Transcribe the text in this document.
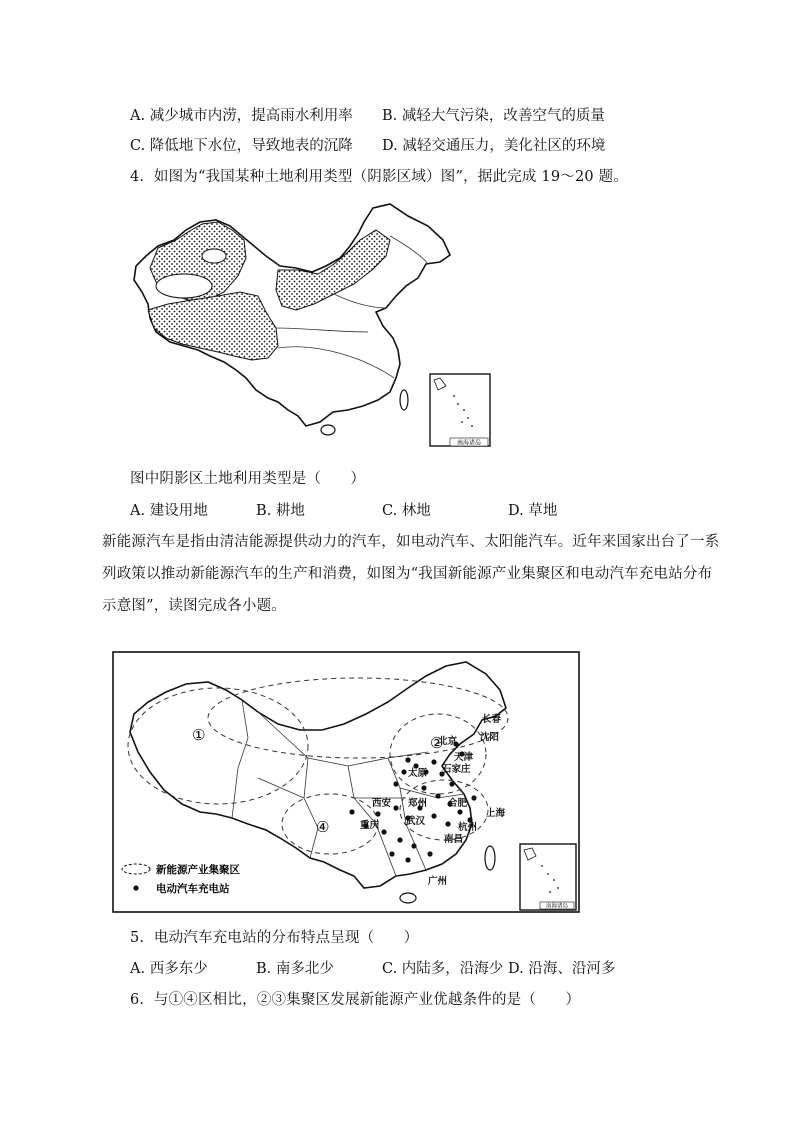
A. 减少城市内涝，提高雨水利用率 B. 减轻大气污染，改善空气的质量
C. 降低地下水位，导致地表的沉降 D. 减轻交通压力，美化社区的环境
4. 如图为“我国某种土地利用类型（阴影区域）图”，据此完成 19～20 题。
南海诸岛
图中阴影区土地利用类型是（　　）
A. 建设用地	B. 耕地	C. 林地	D. 草地
新能源汽车是指由清洁能源提供动力的汽车，如电动汽车、太阳能汽车。近年来国家出台了一系
列政策以推动新能源汽车的生产和消费，如图为“我国新能源产业集聚区和电动汽车充电站分布
示意图”，读图完成各小题。
①	②
④
长春
沈阳
北京
天津
太原 石家庄
西安 郑州 合肥
上海
重庆	武汉
杭州
南昌
广州
新能源产业集聚区
电动汽车充电站
南海诸岛
5. 电动汽车充电站的分布特点呈现（　　）
A. 西多东少	B. 南多北少	C. 内陆多，沿海少 D. 沿海、沿河多
6. 与①④区相比，②③集聚区发展新能源产业优越条件的是（　　）
